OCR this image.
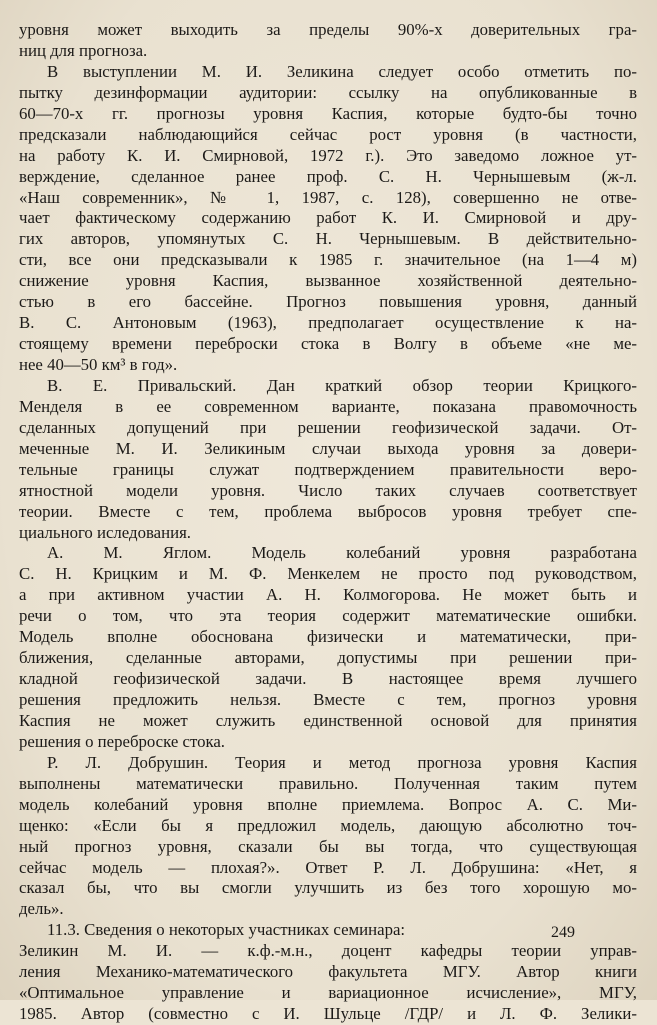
уровня может выходить за пределы 90%-х доверительных гра-
ниц для прогноза.
В выступлении М. И. Зеликина следует особо отметить по-
пытку дезинформации аудитории: ссылку на опубликованные в
60—70-х гг. прогнозы уровня Каспия, которые будто-бы точно
предсказали наблюдающийся сейчас рост уровня (в частности,
на работу К. И. Смирновой, 1972 г.). Это заведомо ложное ут-
верждение, сделанное ранее проф. С. Н. Чернышевым (ж-л.
«Наш современник», № 1, 1987, с. 128), совершенно не отве-
чает фактическому содержанию работ К. И. Смирновой и дру-
гих авторов, упомянутых С. Н. Чернышевым. В действительно-
сти, все они предсказывали к 1985 г. значительное (на 1—4 м)
снижение уровня Каспия, вызванное хозяйственной деятельно-
стью в его бассейне. Прогноз повышения уровня, данный
В. С. Антоновым (1963), предполагает осуществление к на-
стоящему времени переброски стока в Волгу в объеме «не ме-
нее 40—50 км³ в год».
В. Е. Привальский. Дан краткий обзор теории Крицкого-
Менделя в ее современном варианте, показана правомочность
сделанных допущений при решении геофизической задачи. От-
меченные М. И. Зеликиным случаи выхода уровня за довери-
тельные границы служат подтверждением правительности веро-
ятностной модели уровня. Число таких случаев соответствует
теории. Вместе с тем, проблема выбросов уровня требует спе-
циального иследования.
А. М. Яглом. Модель колебаний уровня разработана
С. Н. Крицким и М. Ф. Менкелем не просто под руководством,
а при активном участии А. Н. Колмогорова. Не может быть и
речи о том, что эта теория содержит математические ошибки.
Модель вполне обоснована физически и математически, при-
ближения, сделанные авторами, допустимы при решении при-
кладной геофизической задачи. В настоящее время лучшего
решения предложить нельзя. Вместе с тем, прогноз уровня
Каспия не может служить единственной основой для принятия
решения о переброске стока.
Р. Л. Добрушин. Теория и метод прогноза уровня Каспия
выполнены математически правильно. Полученная таким путем
модель колебаний уровня вполне приемлема. Вопрос А. С. Ми-
щенко: «Если бы я предложил модель, дающую абсолютно точ-
ный прогноз уровня, сказали бы вы тогда, что существующая
сейчас модель — плохая?». Ответ Р. Л. Добрушина: «Нет, я
сказал бы, что вы смогли улучшить из без того хорошую мо-
дель».
11.3. Сведения о некоторых участниках семинара:
Зеликин М. И. — к.ф.-м.н., доцент кафедры теории управ-
ления Механико-математического факультета МГУ. Автор книги
«Оптимальное управление и вариационное исчисление», МГУ,
1985. Автор (совместно с И. Шульце /ГДР/ и Л. Ф. Зелики-
249
